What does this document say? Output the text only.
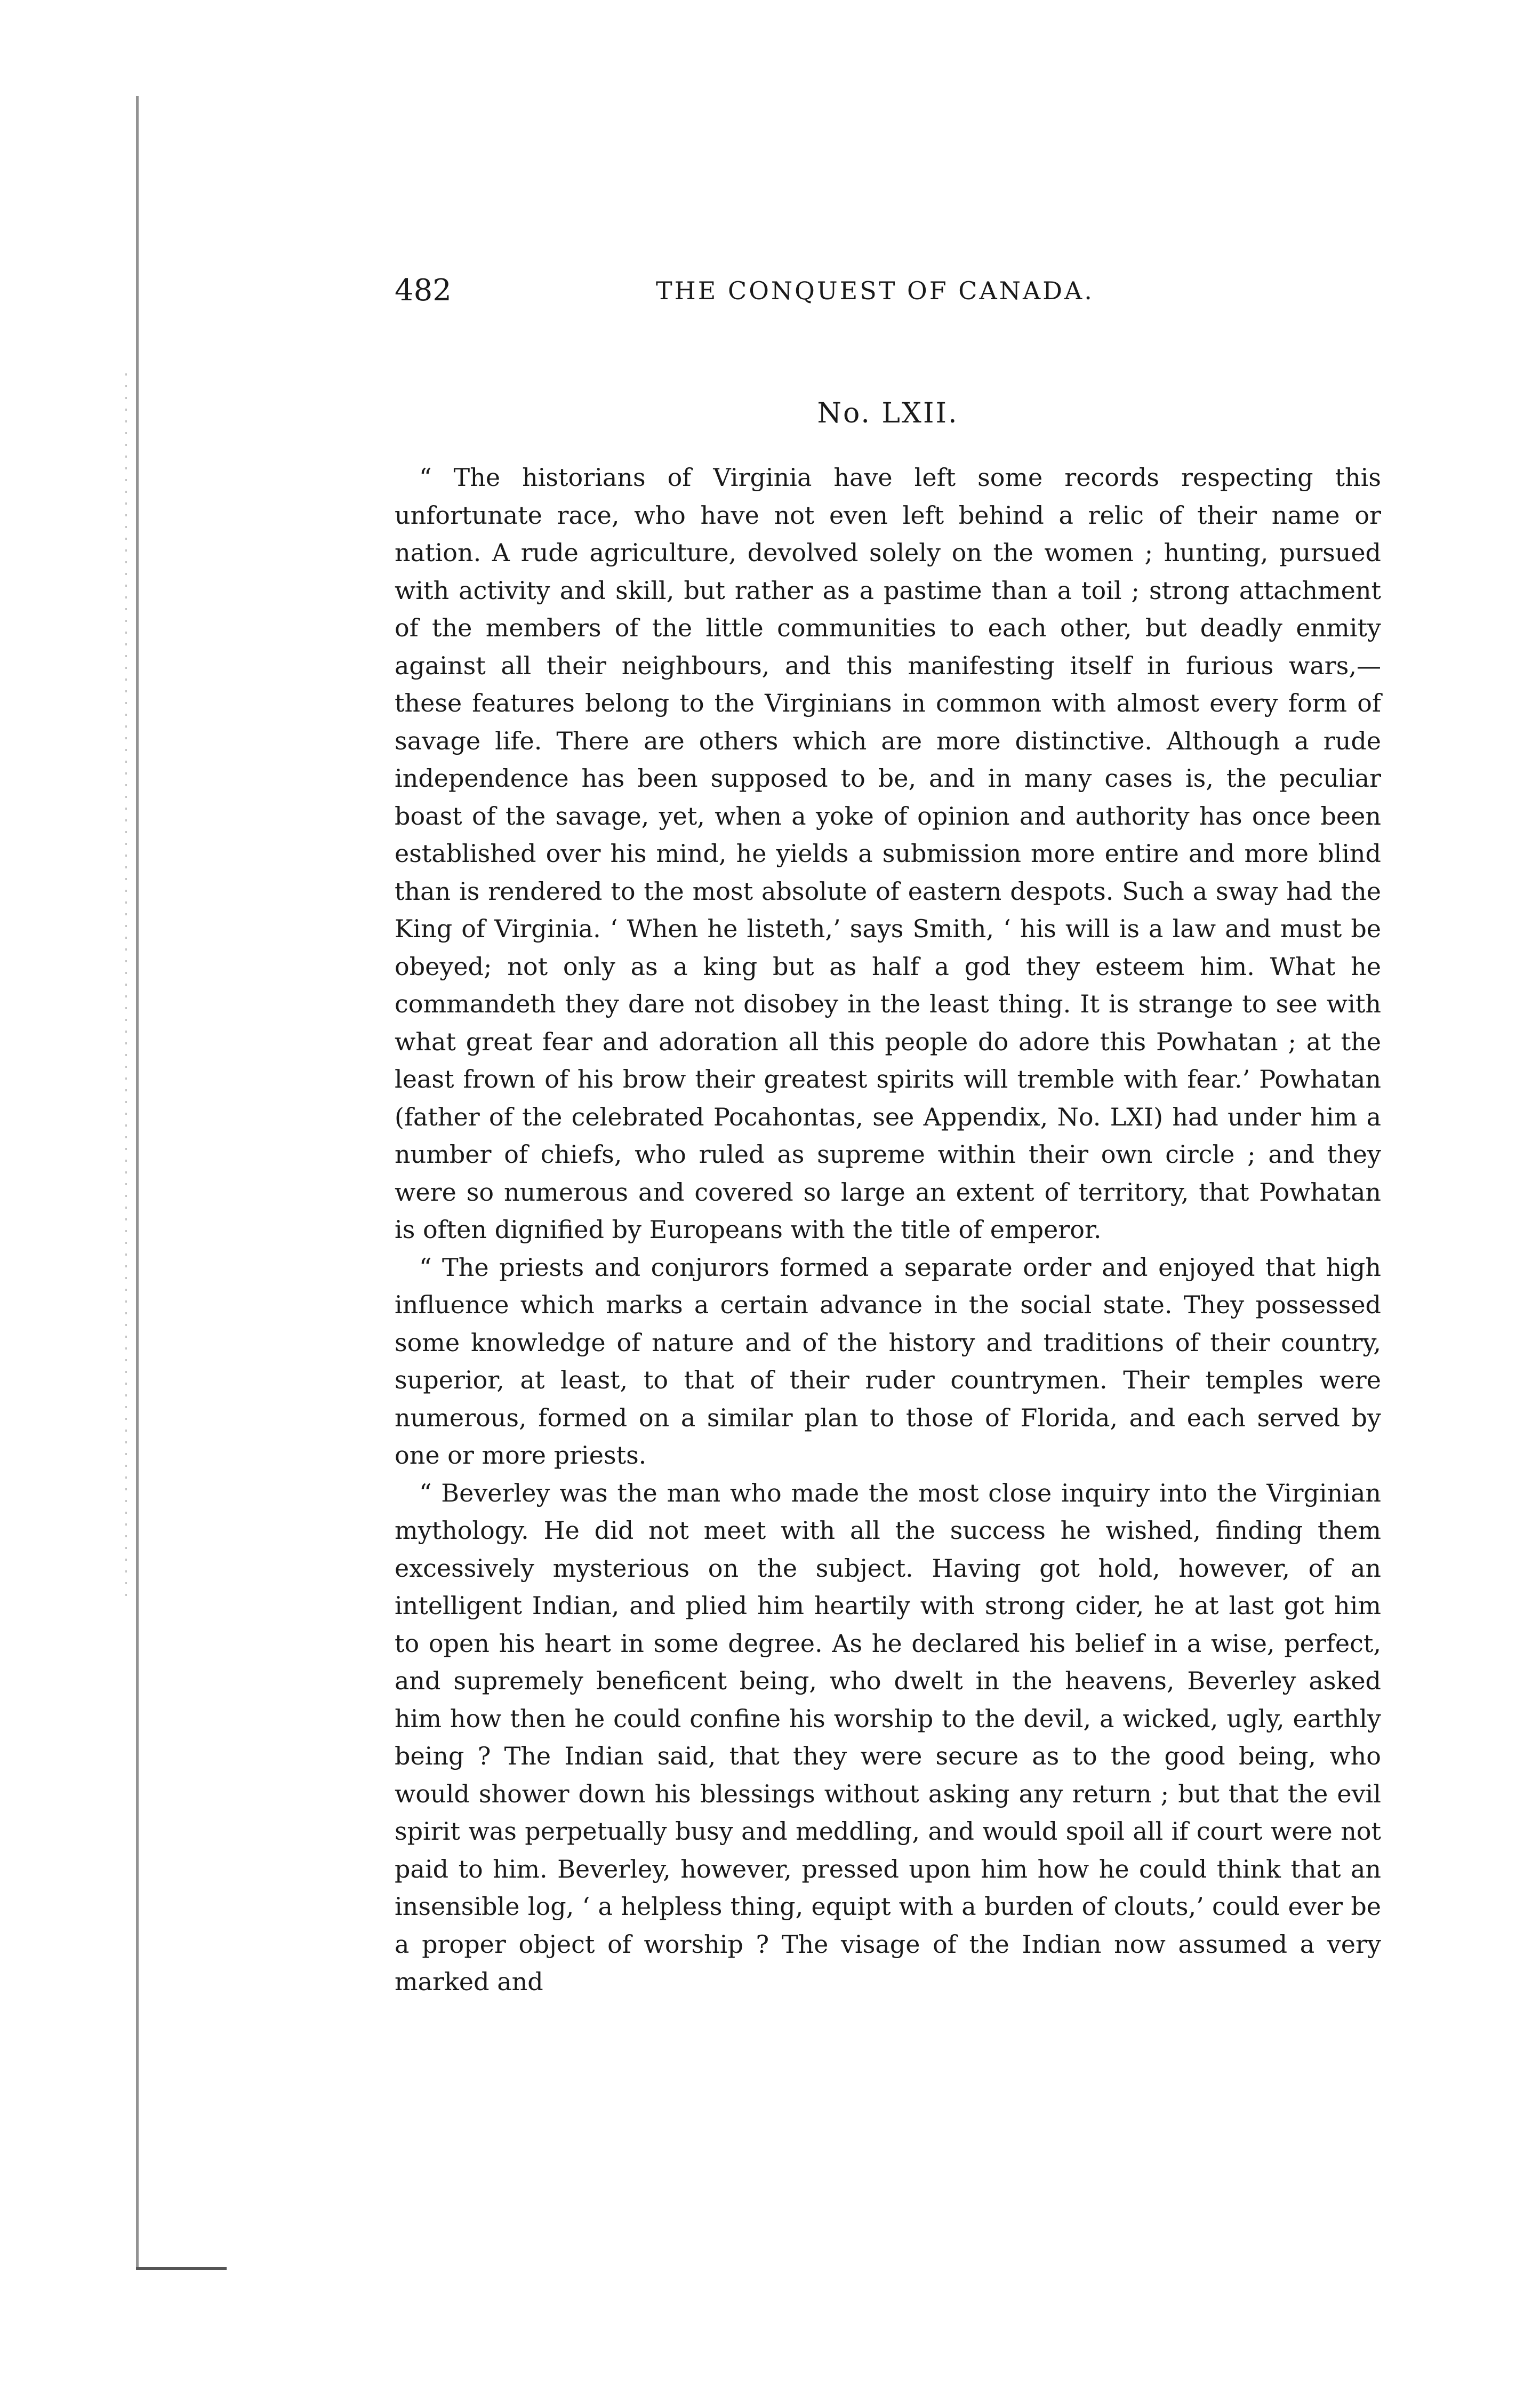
482	THE CONQUEST OF CANADA.
No. LXII.

“ The historians of Virginia have left some records respecting this unfortunate race, who have not even left behind a relic of their name or nation. A rude agriculture, devolved solely on the women ; hunting, pursued with activity and skill, but rather as a pastime than a toil ; strong attachment of the members of the little communities to each other, but deadly enmity against all their neighbours, and this manifesting itself in furious wars,— these features belong to the Virginians in common with almost every form of savage life. There are others which are more distinctive. Although a rude independence has been supposed to be, and in many cases is, the peculiar boast of the savage, yet, when a yoke of opinion and authority has once been established over his mind, he yields a submission more entire and more blind than is rendered to the most absolute of eastern despots. Such a sway had the King of Virginia. ‘ When he listeth,’ says Smith, ‘ his will is a law and must be obeyed; not only as a king but as half a god they esteem him. What he commandeth they dare not disobey in the least thing. It is strange to see with what great fear and adoration all this people do adore this Powhatan ; at the least frown of his brow their greatest spirits will tremble with fear.’ Powhatan (father of the celebrated Pocahontas, see Appendix, No. LXI) had under him a number of chiefs, who ruled as supreme within their own circle ; and they were so numerous and covered so large an extent of territory, that Powhatan is often dignified by Europeans with the title of emperor.

“ The priests and conjurors formed a separate order and enjoyed that high influence which marks a certain advance in the social state. They possessed some knowledge of nature and of the history and traditions of their country, superior, at least, to that of their ruder countrymen. Their temples were numerous, formed on a similar plan to those of Florida, and each served by one or more priests.

“ Beverley was the man who made the most close inquiry into the Virginian mythology. He did not meet with all the success he wished, finding them excessively mysterious on the subject. Having got hold, however, of an intelligent Indian, and plied him heartily with strong cider, he at last got him to open his heart in some degree. As he declared his belief in a wise, perfect, and supremely beneficent being, who dwelt in the heavens, Beverley asked him how then he could confine his worship to the devil, a wicked, ugly, earthly being ? The Indian said, that they were secure as to the good being, who would shower down his blessings without asking any return ; but that the evil spirit was perpetually busy and meddling, and would spoil all if court were not paid to him. Beverley, however, pressed upon him how he could think that an insensible log, ‘ a helpless thing, equipt with a burden of clouts,’ could ever be a proper object of worship ? The visage of the Indian now assumed a very marked and
